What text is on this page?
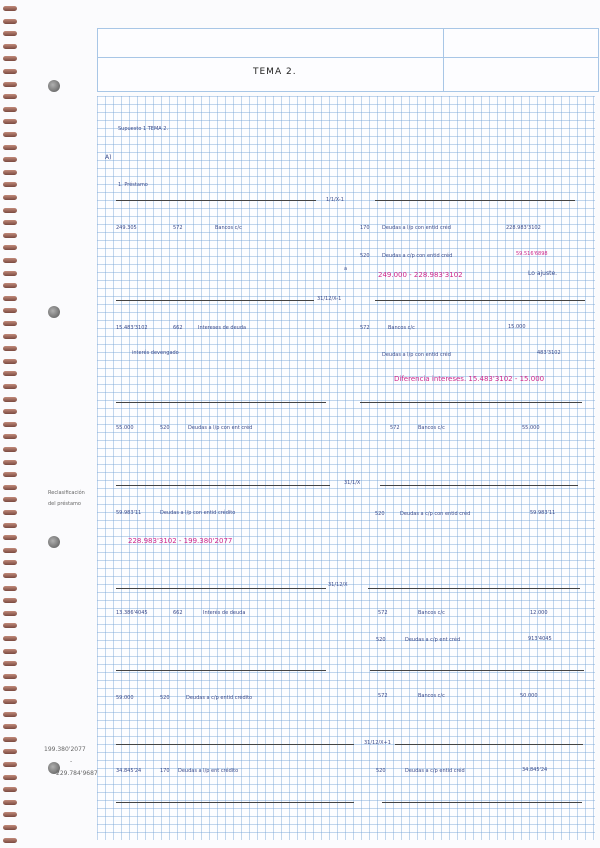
TEMA 2.
Supuesto 1 TEMA 2.
A)
1. Préstamo
1/1/X-1
249.305	572	Bancos c/c	170 Deudas a l/p con entid créd	228.983'3102
520 Deudas a c/p con entid créd	59.516'6898
a
249.000 - 228.983'3102	Lo ajuste.
31/12/X-1
15.483'3102	662	Intereses de deuda	572	Bancos c/c	15.000
interés devengado	Deudas a l/p con entid créd	483'3102
Diferencia intereses. 15.483'3102 - 15.000
55.000	520	Deudas a l/p con ent créd	572	Bancos c/c	55.000
31/1/X
59.983'11	Deudas a l/p con entid crédito	520	Deudas a c/p con entid créd	59.983'11
228.983'3102 - 199.380'2077
31/12/X
13.386'4045	662	Interés de deuda	572	Bancos c/c	12.000
520	Deudas a c/p ent créd	913'4045
59.000	520	Deudas a c/p entid crédito	572	Bancos c/c	50.000
31/12/X+1
34.845'24	170 Deudas a l/p ent crédito	520	Deudas a c/p entid créd	34.845'24
Reclasificación
del préstamo
199.380'2077
-
229.784'9687
